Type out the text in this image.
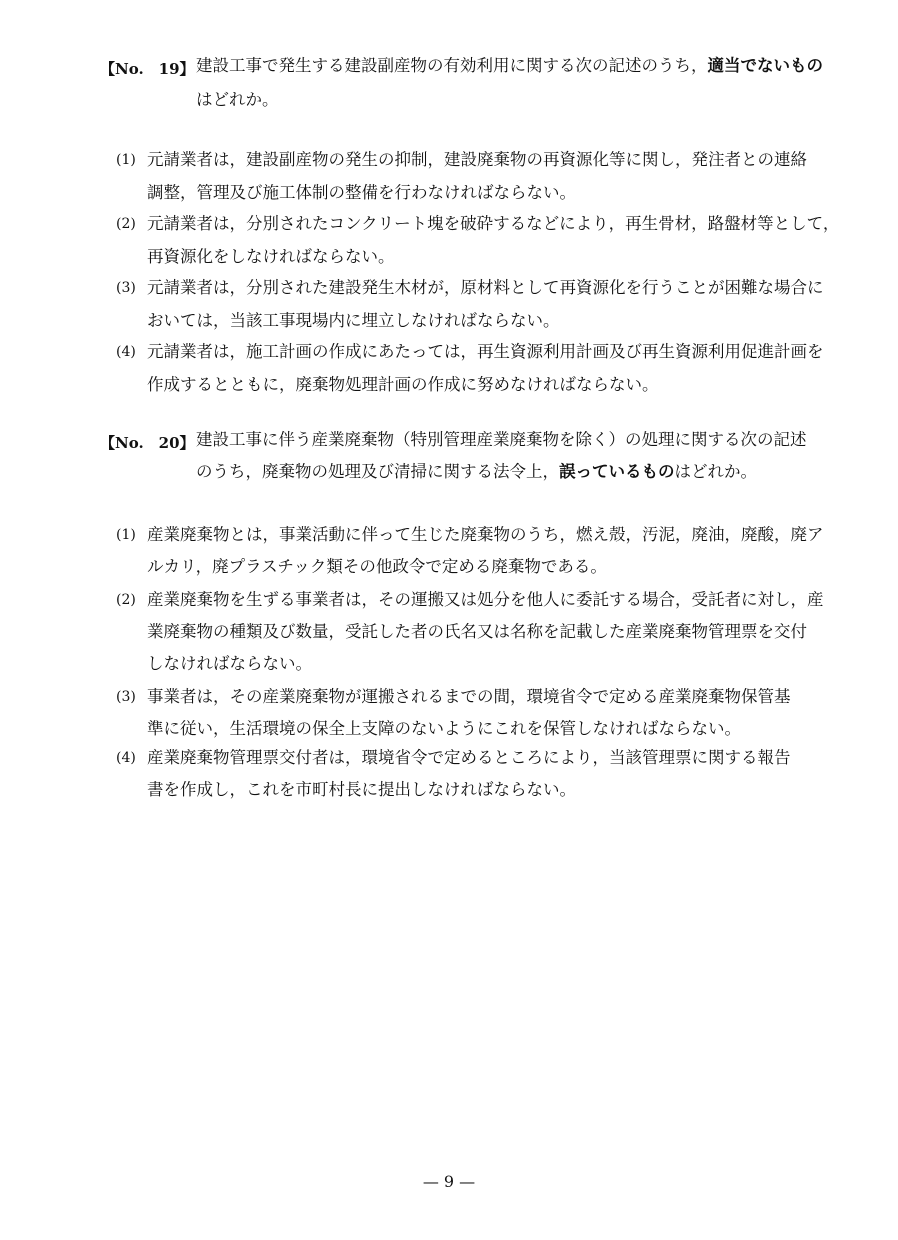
【No.　19】 建設工事で発生する建設副産物の有効利用に関する次の記述のうち，適当でないもの
はどれか。
(1) 元請業者は，建設副産物の発生の抑制，建設廃棄物の再資源化等に関し，発注者との連絡
調整，管理及び施工体制の整備を行わなければならない。
(2) 元請業者は，分別されたコンクリート塊を破砕するなどにより，再生骨材，路盤材等として，
再資源化をしなければならない。
(3) 元請業者は，分別された建設発生木材が，原材料として再資源化を行うことが困難な場合に
おいては，当該工事現場内に埋立しなければならない。
(4) 元請業者は，施工計画の作成にあたっては，再生資源利用計画及び再生資源利用促進計画を
作成するとともに，廃棄物処理計画の作成に努めなければならない。
【No.　20】 建設工事に伴う産業廃棄物（特別管理産業廃棄物を除く）の処理に関する次の記述
のうち，廃棄物の処理及び清掃に関する法令上，誤っているものはどれか。
(1) 産業廃棄物とは，事業活動に伴って生じた廃棄物のうち，燃え殻，汚泥，廃油，廃酸，廃ア
ルカリ，廃プラスチック類その他政令で定める廃棄物である。
(2) 産業廃棄物を生ずる事業者は，その運搬又は処分を他人に委託する場合，受託者に対し，産
業廃棄物の種類及び数量，受託した者の氏名又は名称を記載した産業廃棄物管理票を交付
しなければならない。
(3) 事業者は，その産業廃棄物が運搬されるまでの間，環境省令で定める産業廃棄物保管基
準に従い，生活環境の保全上支障のないようにこれを保管しなければならない。
(4) 産業廃棄物管理票交付者は，環境省令で定めるところにより，当該管理票に関する報告
書を作成し，これを市町村長に提出しなければならない。
— 9 —
